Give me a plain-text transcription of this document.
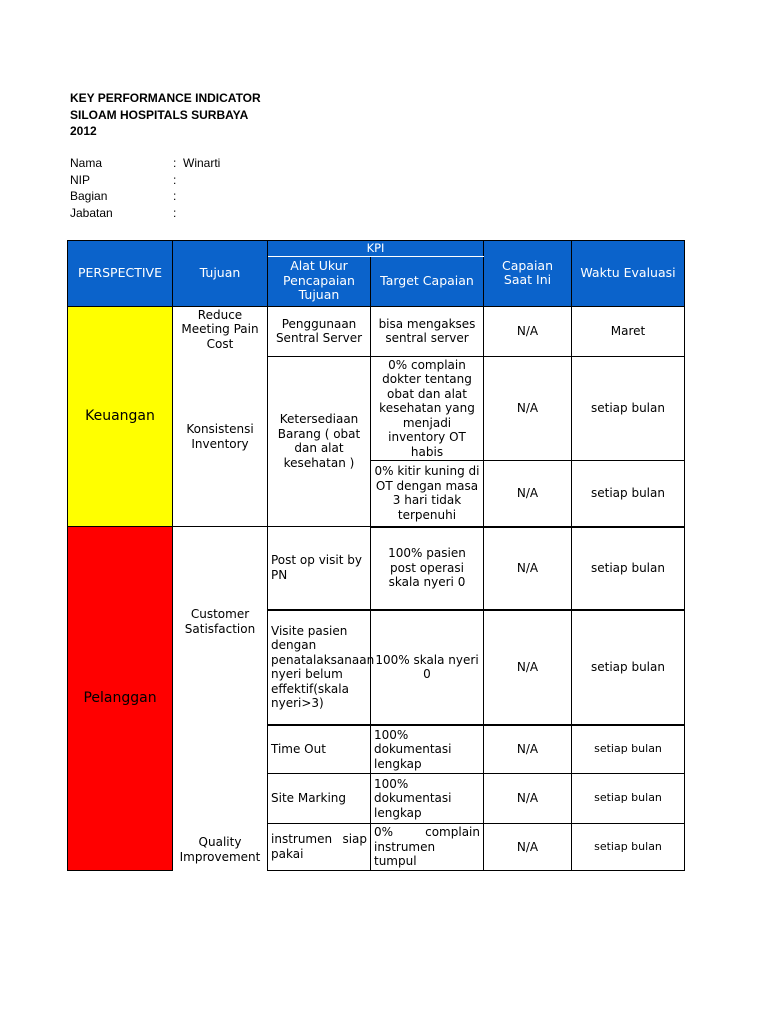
KEY PERFORMANCE INDICATOR
SILOAM HOSPITALS SURBAYA
2012
Nama	: Winarti
NIP	:
Bagian	:
Jabatan	:
PERSPECTIVE	Tujuan	KPI		Capaian Saat Ini	Waktu Evaluasi
		Alat Ukur Pencapaian Tujuan	Target Capaian		
Keuangan	Reduce Meeting Pain Cost	Penggunaan Sentral Server	bisa mengakses sentral server	N/A	Maret
	Konsistensi Inventory	Ketersediaan Barang ( obat dan alat kesehatan )	0% complain dokter tentang obat dan alat kesehatan yang menjadi inventory OT habis	N/A	setiap bulan
			0% kitir kuning di OT dengan masa 3 hari tidak terpenuhi	N/A	setiap bulan
Pelanggan	Customer Satisfaction	Post op visit by PN	100% pasien post operasi skala nyeri 0	N/A	setiap bulan
		Visite pasien dengan penatalaksanaan nyeri belum effektif(skala nyeri>3)	100% skala nyeri 0	N/A	setiap bulan
	Quality Improvement	Time Out	100% dokumentasi lengkap	N/A	setiap bulan
		Site Marking	100% dokumentasi lengkap	N/A	setiap bulan
		instrumen siap pakai	0% complain instrumen tumpul	N/A	setiap bulan
